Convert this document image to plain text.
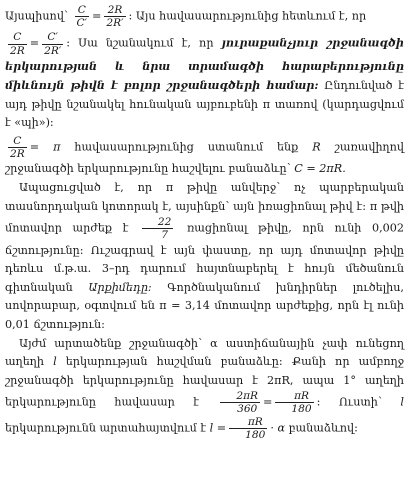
Այսպիսով՝ $\frac{C}{C'} = \frac{2R}{2R'}$ : Այս հավասարությունից հետևում է, որ

$\frac{C}{2R} = \frac{C'}{2R'}$ : Սա նշանակում է, որ յուրաքանչյուր շրջանագծի երկարության և նրա տրամագծի հարաբերությունը միևնույն թիվն է բոլոր շրջանագծերի համար: Ընդունված է այդ թիվը նշանակել հունական այբուբենի π տառով (կարդացվում է «պի»):

$\frac{C}{2R} = \pi$ հավասարությունից ստանում ենք R շառավիղով շրջանագծի երկարությունը հաշվելու բանաձևը՝ C = 2πR.

Ապացուցված է, որ π թիվը անվերջ՝ ոչ պարբերական տասնորդական կոտորակ է, այսինքն՝ այն իռացիոնալ թիվ է: π թվի մոտավոր արժեք է $\frac{22}{7}$ ռացիոնալ թիվը, որն ունի 0,002 ճշտությունը: Ուշագրավ է այն փաստը, որ այդ մոտավոր թիվը դեռևս մ.թ.ա. 3–րդ դարում հայտնաբերել է հույն մեծանուն գիտնական Արքիմեդը: Գործնականում խնդիրներ լուծելիս, սովորաբար, օգտվում են π = 3,14 մոտավոր արժեքից, որն էլ ունի 0,01 ճշտություն:

Այժմ արտածենք շրջանագծի՝ α աստիճանային չափ ունեցող աղեղի l երկարության հաշվման բանաձևը: Քանի որ ամբողջ շրջանագծի երկարությունը հավասար է 2πR, ապա 1° աղեղի երկարությունը հավասար է $\frac{2\pi R}{360} = \frac{\pi R}{180}$ : Ուստի՝ l երկարությունն արտահայտվում է $l = \frac{\pi R}{180} \cdot \alpha$ բանաձևով:
